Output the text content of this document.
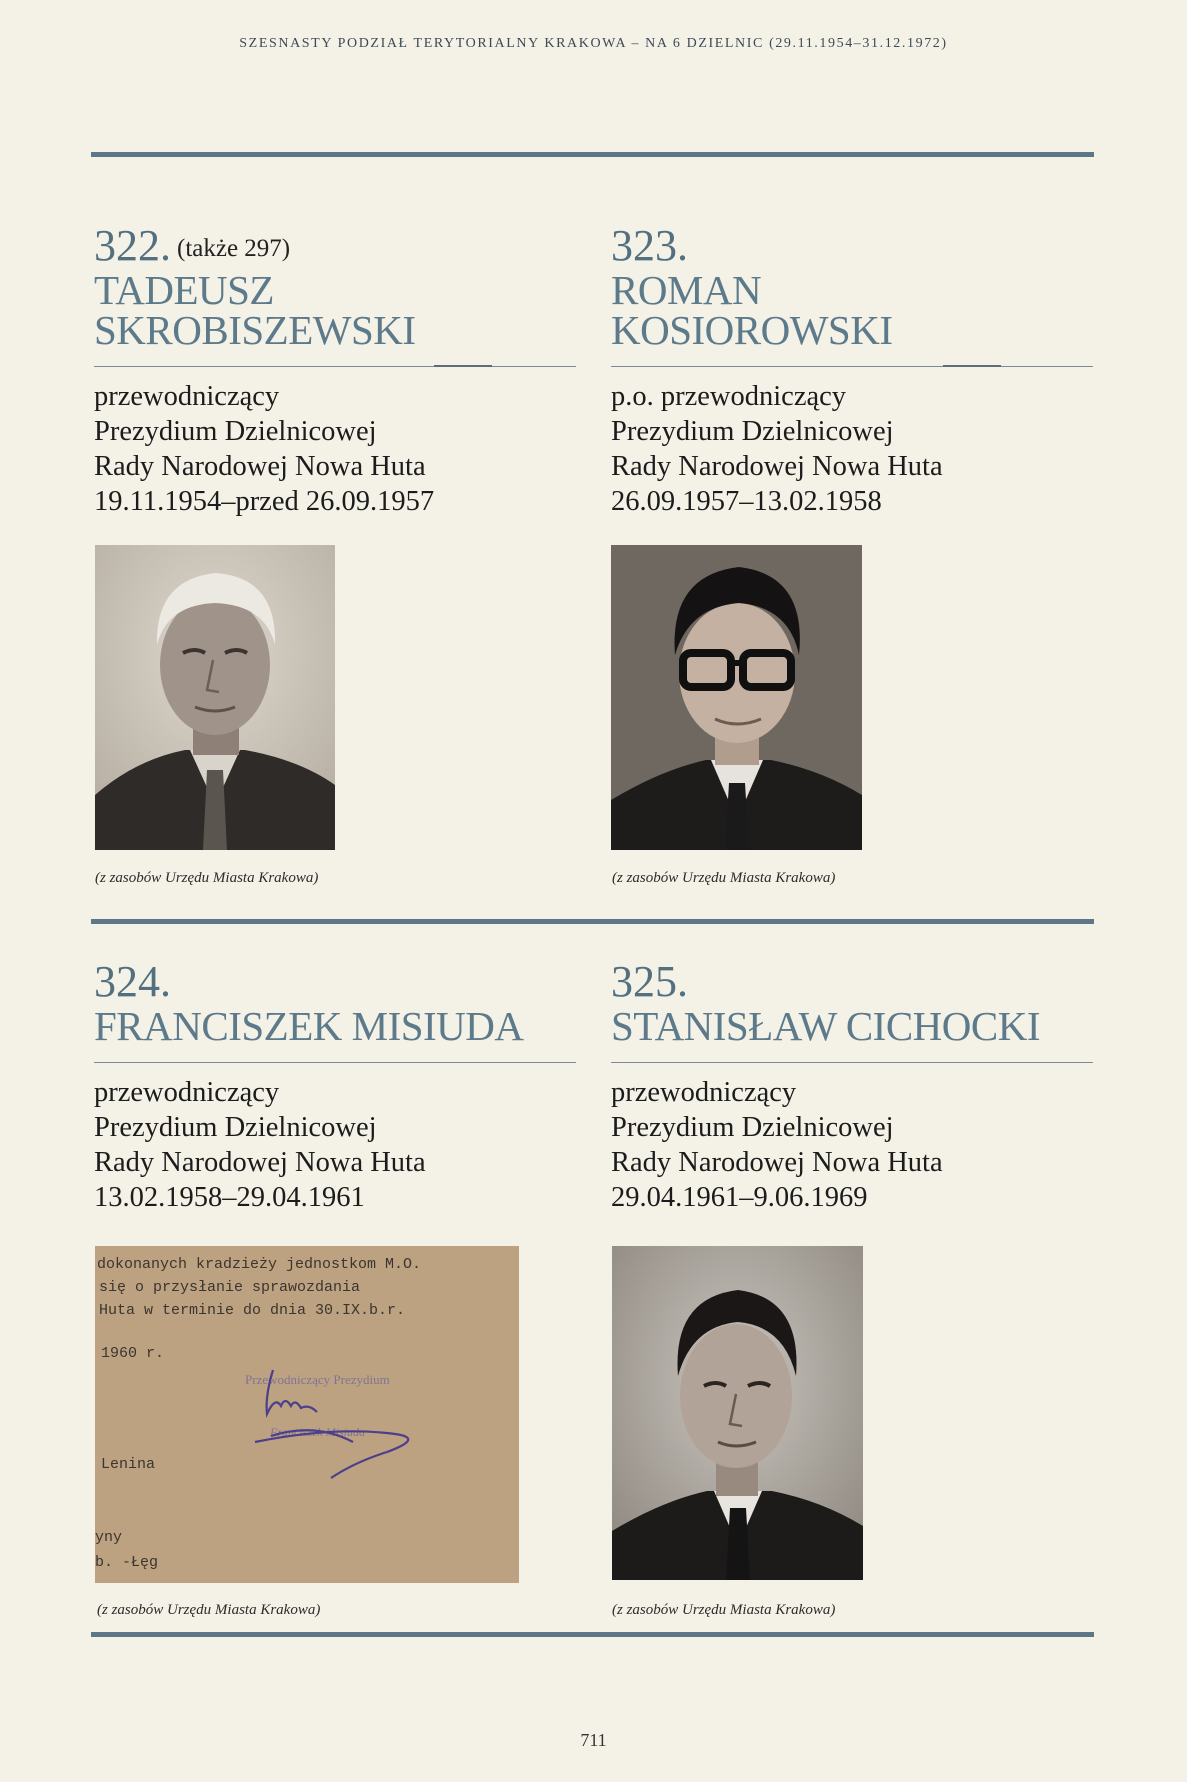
SZESNASTY PODZIAŁ TERYTORIALNY KRAKOWA – NA 6 DZIELNIC (29.11.1954–31.12.1972)
322. (także 297)
TADEUSZ
SKROBISZEWSKI
przewodniczący
Prezydium Dzielnicowej
Rady Narodowej Nowa Huta
19.11.1954–przed 26.09.1957
(z zasobów Urzędu Miasta Krakowa)
323.
ROMAN
KOSIOROWSKI
p.o. przewodniczący
Prezydium Dzielnicowej
Rady Narodowej Nowa Huta
26.09.1957–13.02.1958
(z zasobów Urzędu Miasta Krakowa)
324.
FRANCISZEK MISIUDA
przewodniczący
Prezydium Dzielnicowej
Rady Narodowej Nowa Huta
13.02.1958–29.04.1961
dokonanych kradzieży jednostkom M.O.
się o przysłanie sprawozdania
Huta w terminie do dnia 30.IX.b.r.
1960 r.
Lenina
yny
b. -Łęg
Przewodniczący Prezydium
Franciszek Misiuda
(z zasobów Urzędu Miasta Krakowa)
325.
STANISŁAW CICHOCKI
przewodniczący
Prezydium Dzielnicowej
Rady Narodowej Nowa Huta
29.04.1961–9.06.1969
(z zasobów Urzędu Miasta Krakowa)
711
